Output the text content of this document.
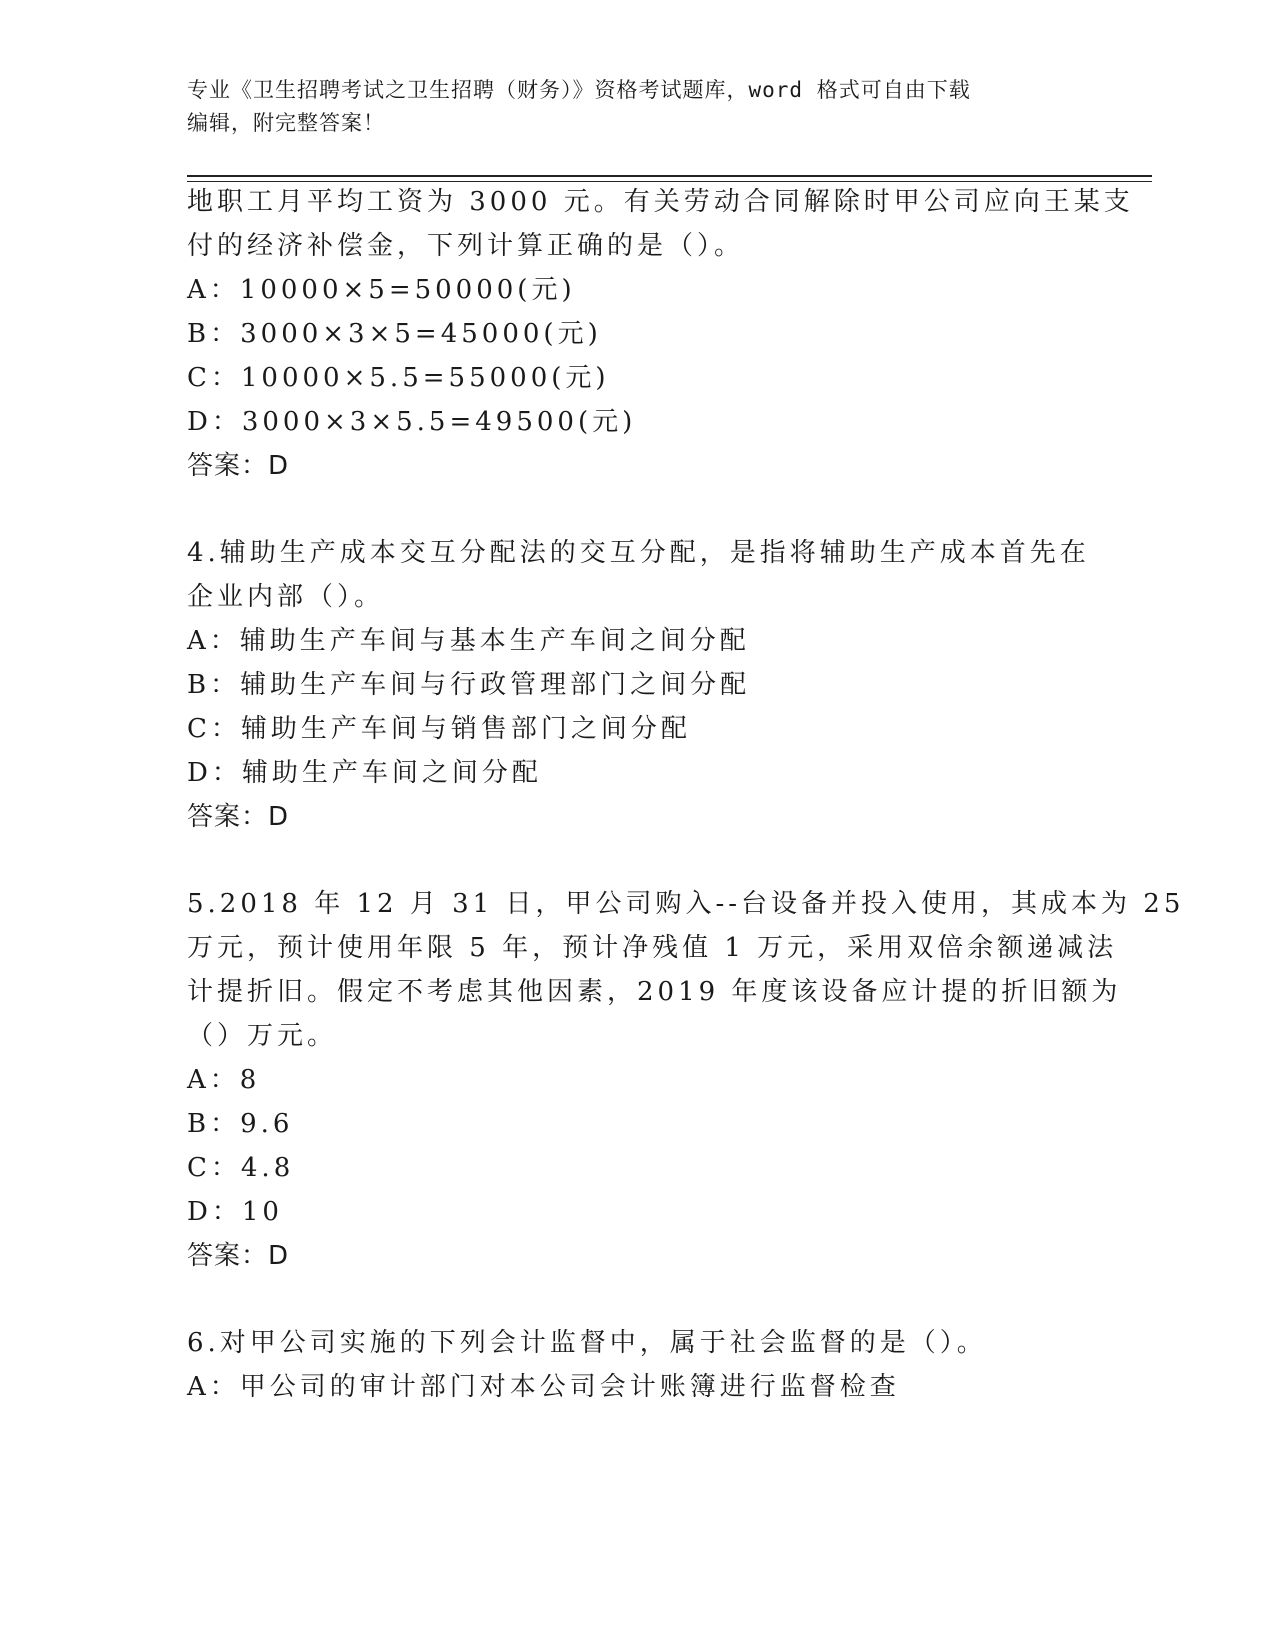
专业《卫生招聘考试之卫生招聘（财务）》资格考试题库，word 格式可自由下载
编辑，附完整答案！
地职工月平均工资为 3000 元。有关劳动合同解除时甲公司应向王某支
付的经济补偿金，下列计算正确的是（）。
A：10000×5=50000(元)
B：3000×3×5=45000(元)
C：10000×5.5=55000(元)
D：3000×3×5.5=49500(元)
答案：D
4.辅助生产成本交互分配法的交互分配，是指将辅助生产成本首先在
企业内部（）。
A：辅助生产车间与基本生产车间之间分配
B：辅助生产车间与行政管理部门之间分配
C：辅助生产车间与销售部门之间分配
D：辅助生产车间之间分配
答案：D
5.2018 年 12 月 31 日，甲公司购入--台设备并投入使用，其成本为 25
万元，预计使用年限 5 年，预计净残值 1 万元，采用双倍余额递减法
计提折旧。假定不考虑其他因素，2019 年度该设备应计提的折旧额为
（）万元。
A：8
B：9.6
C：4.8
D：10
答案：D
6.对甲公司实施的下列会计监督中，属于社会监督的是（）。
A：甲公司的审计部门对本公司会计账簿进行监督检查
